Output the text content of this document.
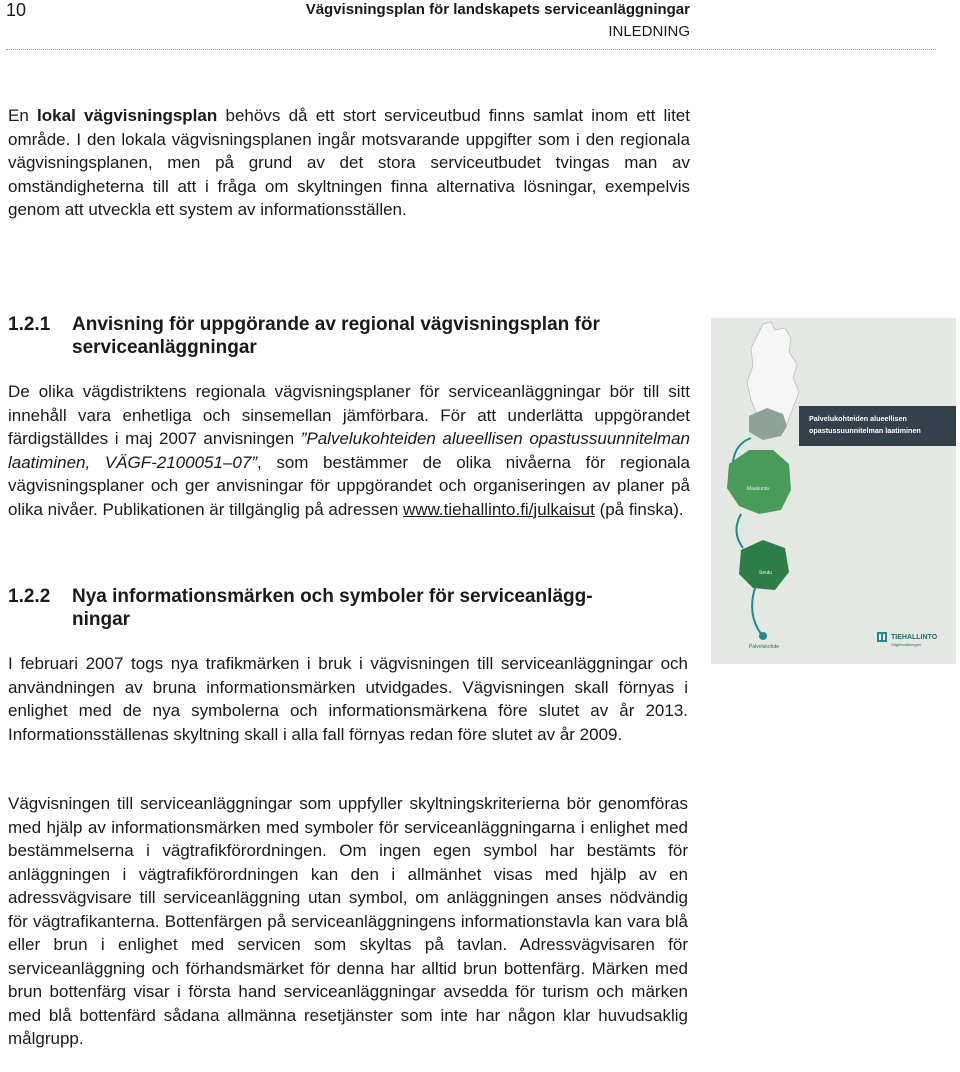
10	Vägvisningsplan för landskapets serviceanläggningar
INLEDNING

En lokal vägvisningsplan behövs då ett stort serviceutbud finns samlat inom ett litet område. I den lokala vägvisningsplanen ingår motsvarande uppgifter som i den regionala vägvisningsplanen, men på grund av det stora serviceutbudet tvingas man av omständigheterna till att i fråga om skyltningen finna alternativa lösningar, exempelvis genom att utveckla ett system av informationsställen.

1.2.1 Anvisning för uppgörande av regional vägvisningsplan för
serviceanläggningar

De olika vägdistriktens regionala vägvisningsplaner för serviceanläggningar bör till sitt innehåll vara enhetliga och sinsemellan jämförbara. För att underlätta uppgörandet färdigställdes i maj 2007 anvisningen ”Palvelukohteiden alueellisen opastussuunnitelman laatiminen, VÄGF-2100051–07”, som bestämmer de olika nivåerna för regionala vägvisningsplaner och ger anvisningar för uppgörandet och organiseringen av planer på olika nivåer. Publikationen är tillgänglig på adressen www.tiehallinto.fi/julkaisut (på finska).

1.2.2 Nya informationsmärken och symboler för serviceanlägg-
ningar

I februari 2007 togs nya trafikmärken i bruk i vägvisningen till serviceanläggningar och användningen av bruna informationsmärken utvidgades. Vägvisningen skall förnyas i enlighet med de nya symbolerna och informationsmärkena före slutet av år 2013. Informationsställenas skyltning skall i alla fall förnyas redan före slutet av år 2009.

Vägvisningen till serviceanläggningar som uppfyller skyltningskriterierna bör genomföras med hjälp av informationsmärken med symboler för serviceanläggningarna i enlighet med bestämmelserna i vägtrafikförordningen. Om ingen egen symbol har bestämts för anläggningen i vägtrafikförordningen kan den i allmänhet visas med hjälp av en adressvägvisare till serviceanläggning utan symbol, om anläggningen anses nödvändig för vägtrafikanterna. Bottenfärgen på serviceanläggningens informationstavla kan vara blå eller brun i enlighet med servicen som skyltas på tavlan. Adressvägvisaren för serviceanläggning och förhandsmärket för denna har alltid brun bottenfärg. Märken med brun bottenfärg visar i första hand serviceanläggningar avsedda för turism och märken med blå bottenfärd sådana allmänna resetjänster som inte har någon klar huvudsaklig målgrupp.

Palvelukohteiden alueellisen
opastussuunnitelman laatiminen
Maakunta
Seutu
Palvelukohde
TIEHALLINTO
Vägförvaltningen
